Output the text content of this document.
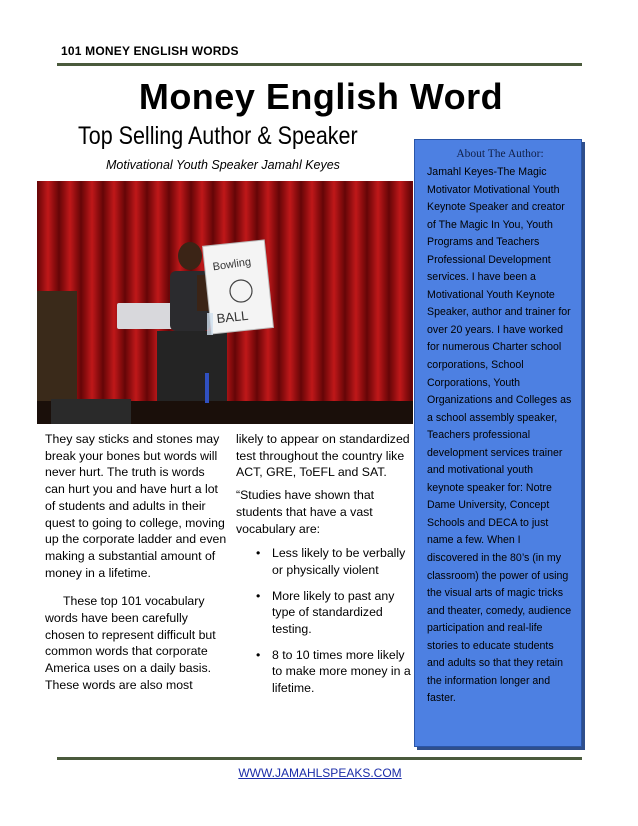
101 MONEY ENGLISH WORDS
Money English Word
Top Selling Author & Speaker
Motivational Youth Speaker Jamahl Keyes
Bowling
BALL

They say sticks and stones may break your bones but words will never hurt. The truth is words can hurt you and have hurt a lot of students and adults in their quest to going to college, moving up the corporate ladder and even making a substantial amount of money in a lifetime.

These top 101 vocabulary words have been carefully chosen to represent difficult but common words that corporate America uses on a daily basis. These words are also most

likely to appear on standardized test throughout the country like ACT, GRE, ToEFL and SAT.

“Studies have shown that students that have a vast vocabulary are:

• Less likely to be verbally or physically violent
• More likely to past any type of standardized testing.
• 8 to 10 times more likely to make more money in a lifetime.
About The Author:
Jamahl Keyes-The Magic Motivator Motivational Youth Keynote Speaker and creator of The Magic In You, Youth Programs and Teachers Professional Development services. I have been a Motivational Youth Keynote Speaker, author and trainer for over 20 years. I have worked for numerous Charter school corporations, School Corporations, Youth Organizations and Colleges as a school assembly speaker, Teachers professional development services trainer and motivational youth keynote speaker for: Notre Dame University, Concept Schools and DECA to just name a few. When I discovered in the 80’s (in my classroom) the power of using the visual arts of magic tricks and theater, comedy, audience participation and real-life stories to educate students and adults so that they retain the information longer and faster.
WWW.JAMAHLSPEAKS.COM
